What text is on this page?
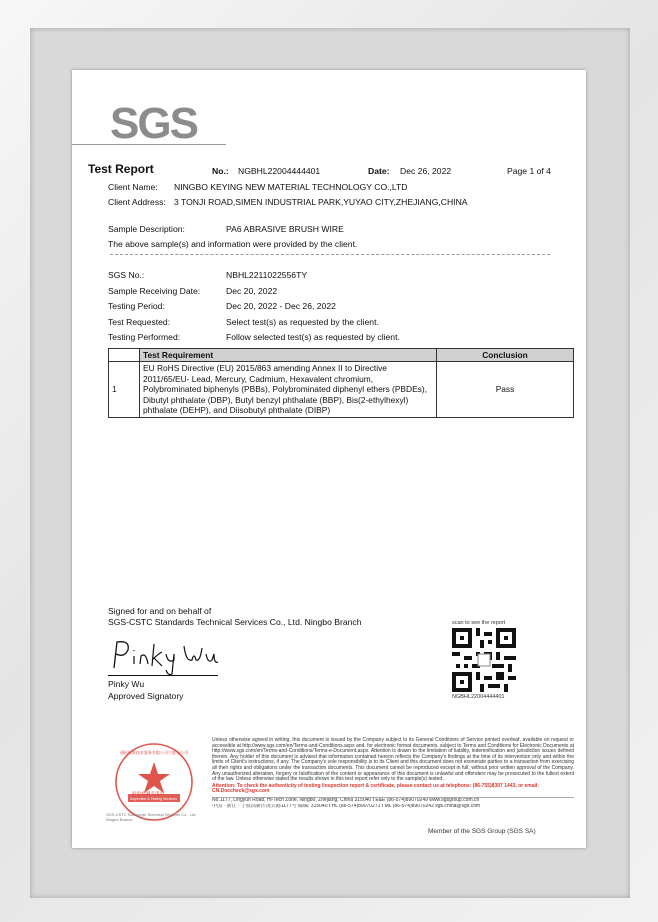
SGS
Test Report	No.: NGBHL22004444401	Date: Dec 26, 2022	Page 1 of 4
Client Name: NINGBO KEYING NEW MATERIAL TECHNOLOGY CO.,LTD
Client Address: 3 TONJI ROAD,SIMEN INDUSTRIAL PARK,YUYAO CITY,ZHEJIANG,CHINA
Sample Description:	PA6 ABRASIVE BRUSH WIRE
The above sample(s) and information were provided by the client.
SGS No.:	NBHL2211022556TY
Sample Receiving Date:	Dec 20, 2022
Testing Period:	Dec 20, 2022 - Dec 26, 2022
Test Requested:	Select test(s) as requested by the client.
Testing Performed:	Follow selected test(s) as requested by client.
	Test Requirement	Conclusion
1	EU RoHS Directive (EU) 2015/863 amending Annex II to Directive 2011/65/EU- Lead, Mercury, Cadmium, Hexavalent chromium, Polybrominated biphenyls (PBBs), Polybrominated diphenyl ethers (PBDEs), Dibutyl phthalate (DBP), Butyl benzyl phthalate (BBP), Bis(2-ethylhexyl) phthalate (DEHP), and Diisobutyl phthalate (DIBP)	Pass
Signed for and on behalf of
SGS-CSTC Standards Technical Services Co., Ltd. Ningbo Branch
Pinky Wu
Approved Signatory
scan to see the report
NGBHL22004444401
通标标准技术服务有限公司宁波分公司
检验检测专用章
Inspection & Testing Services
SGS-CSTC Standards Technical Services Co., Ltd. Ningbo Branch
Unless otherwise agreed in writing, this document is issued by the Company subject to its General Conditions of Service printed overleaf, available on request or accessible at http://www.sgs.com/en/Terms-and-Conditions.aspx and, for electronic format documents, subject to Terms and Conditions for Electronic Documents at http://www.sgs.com/en/Terms-and-Conditions/Terms-e-Document.aspx. Attention is drawn to the limitation of liability, indemnification and jurisdiction issues defined therein. Any holder of this document is advised that information contained hereon reflects the Company's findings at the time of its intervention only and within the limits of Client's instructions, if any. The Company's sole responsibility is to its Client and this document does not exonerate parties to a transaction from exercising all their rights and obligations under the transaction documents. This document cannot be reproduced except in full, without prior written approval of the Company. Any unauthorized alteration, forgery or falsification of the content or appearance of this document is unlawful and offenders may be prosecuted to the fullest extent of the law. Unless otherwise stated the results shown in this test report refer only to the sample(s) tested .
Attention: To check the authenticity of testing /inspection report & certificate, please contact us at telephone: (86-755)8307 1443, or email: CN.Doccheck@sgs.com
No.1177, Lingyun Road, Hi-Tech Zone, Ningbo, Zhejiang, China 315040 t E&E (86-574)89070249 www.sgsgroup.com.cn
中国 · 浙江 · 宁波高新区凌云路1177号 邮编: 315040 t HL (86-574)89070271 t ML (86-574)89070242 sgs.china@sgs.com
Member of the SGS Group (SGS SA)
